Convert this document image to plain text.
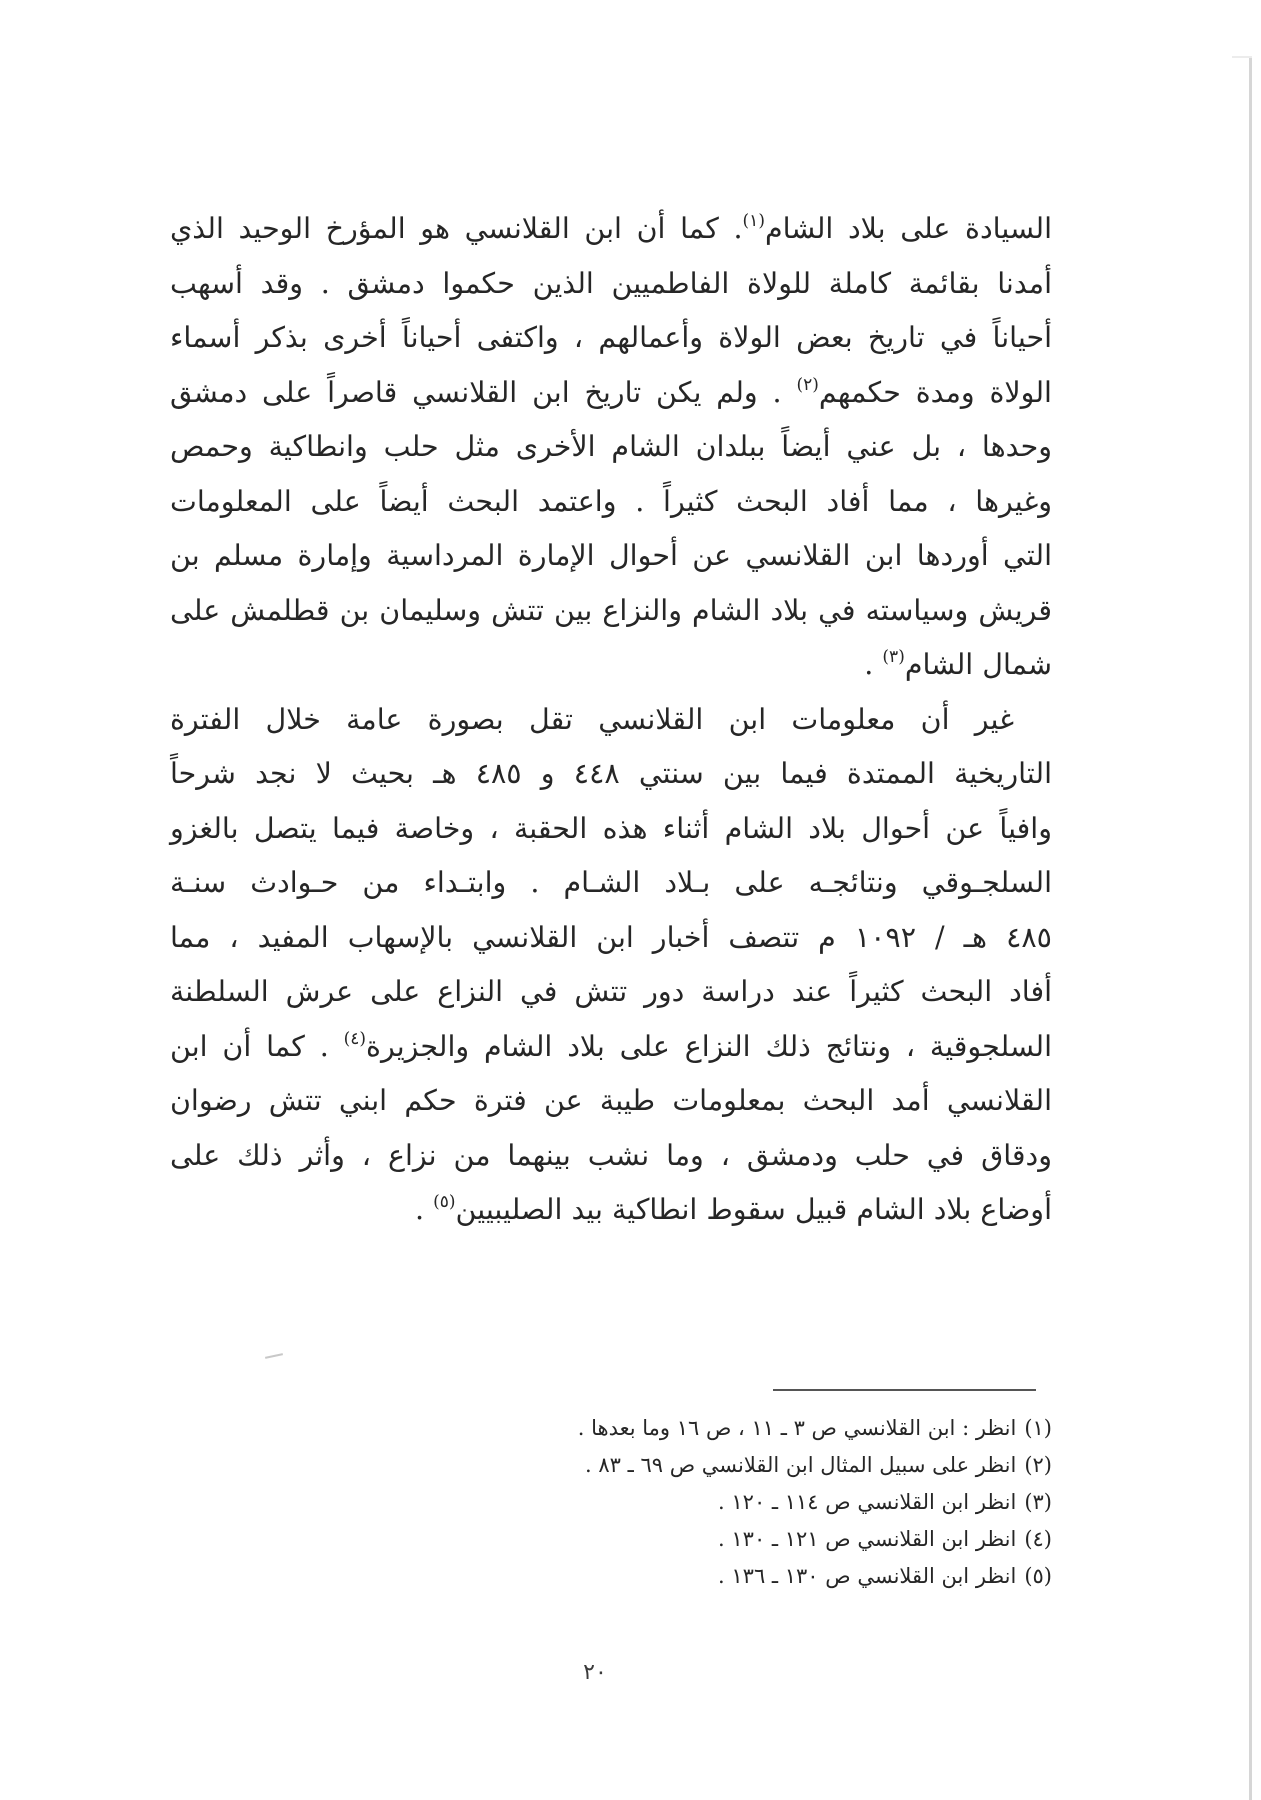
السيادة على بلاد الشام$^{(١)}$. كما أن ابن القلانسي هو المؤرخ الوحيد الذي
أمدنا بقائمة كاملة للولاة الفاطميين الذين حكموا دمشق . وقد أسهب
أحياناً في تاريخ بعض الولاة وأعمالهم ، واكتفى أحياناً أخرى بذكر أسماء
الولاة ومدة حكمهم$^{(٢)}$ . ولم يكن تاريخ ابن القلانسي قاصراً على دمشق
وحدها ، بل عني أيضاً ببلدان الشام الأخرى مثل حلب وانطاكية وحمص
وغيرها ، مما أفاد البحث كثيراً . واعتمد البحث أيضاً على المعلومات
التي أوردها ابن القلانسي عن أحوال الإمارة المرداسية وإمارة مسلم بن
قريش وسياسته في بلاد الشام والنزاع بين تتش وسليمان بن قطلمش على
شمال الشام$^{(٣)}$ .
غير أن معلومات ابن القلانسي تقل بصورة عامة خلال الفترة
التاريخية الممتدة فيما بين سنتي ٤٤٨ و ٤٨٥ هـ بحيث لا نجد شرحاً
وافياً عن أحوال بلاد الشام أثناء هذه الحقبة ، وخاصة فيما يتصل بالغزو
السلجـوقي ونتائجـه على بـلاد الشـام . وابتـداء من حـوادث سنـة
٤٨٥ هـ / ١٠٩٢ م تتصف أخبار ابن القلانسي بالإسهاب المفيد ، مما
أفاد البحث كثيراً عند دراسة دور تتش في النزاع على عرش السلطنة
السلجوقية ، ونتائج ذلك النزاع على بلاد الشام والجزيرة$^{(٤)}$ . كما أن ابن
القلانسي أمد البحث بمعلومات طيبة عن فترة حكم ابني تتش رضوان
ودقاق في حلب ودمشق ، وما نشب بينهما من نزاع ، وأثر ذلك على
أوضاع بلاد الشام قبيل سقوط انطاكية بيد الصليبيين$^{(٥)}$ .
(١)انظر : ابن القلانسي ص ٣ ـ ١١ ، ص ١٦ وما بعدها .
(٢)انظر على سبيل المثال ابن القلانسي ص ٦٩ ـ ٨٣ .
(٣)انظر ابن القلانسي ص ١١٤ ـ ١٢٠ .
(٤)انظر ابن القلانسي ص ١٢١ ـ ١٣٠ .
(٥)انظر ابن القلانسي ص ١٣٠ ـ ١٣٦ .
٢٠
